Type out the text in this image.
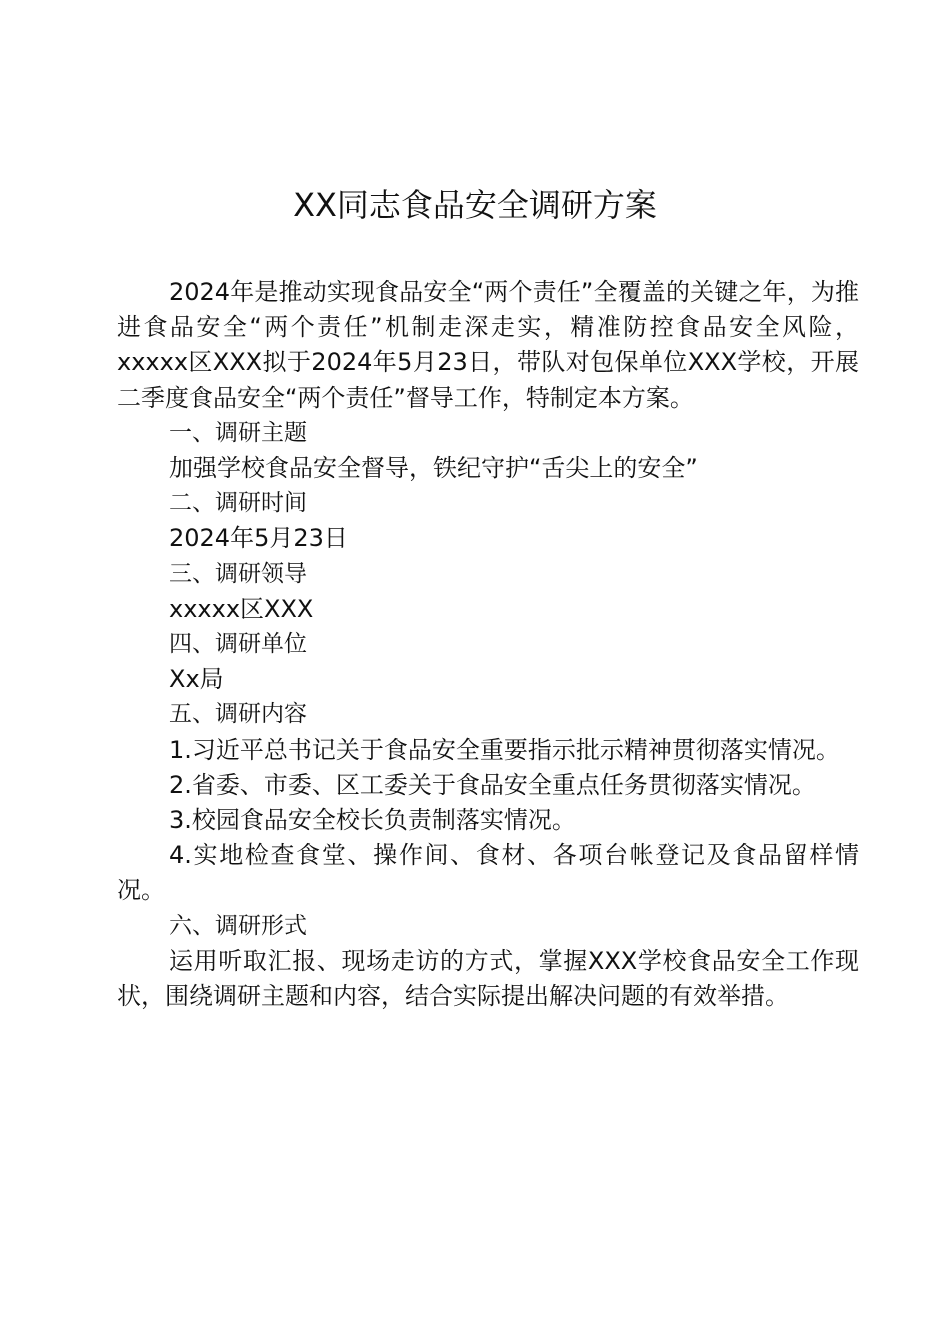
XX同志食品安全调研方案

2024年是推动实现食品安全“两个责任”全覆盖的关键之年，为推进食品安全“两个责任”机制走深走实，精准防控食品安全风险，xxxxx区XXX拟于2024年5月23日，带队对包保单位XXX学校，开展二季度食品安全“两个责任”督导工作，特制定本方案。

一、调研主题

加强学校食品安全督导，铁纪守护“舌尖上的安全”

二、调研时间

2024年5月23日

三、调研领导

xxxxx区XXX

四、调研单位

Xx局

五、调研内容

1.习近平总书记关于食品安全重要指示批示精神贯彻落实情况。

2.省委、市委、区工委关于食品安全重点任务贯彻落实情况。

3.校园食品安全校长负责制落实情况。

4.实地检查食堂、操作间、食材、各项台帐登记及食品留样情况。

六、调研形式

运用听取汇报、现场走访的方式，掌握XXX学校食品安全工作现状，围绕调研主题和内容，结合实际提出解决问题的有效举措。
